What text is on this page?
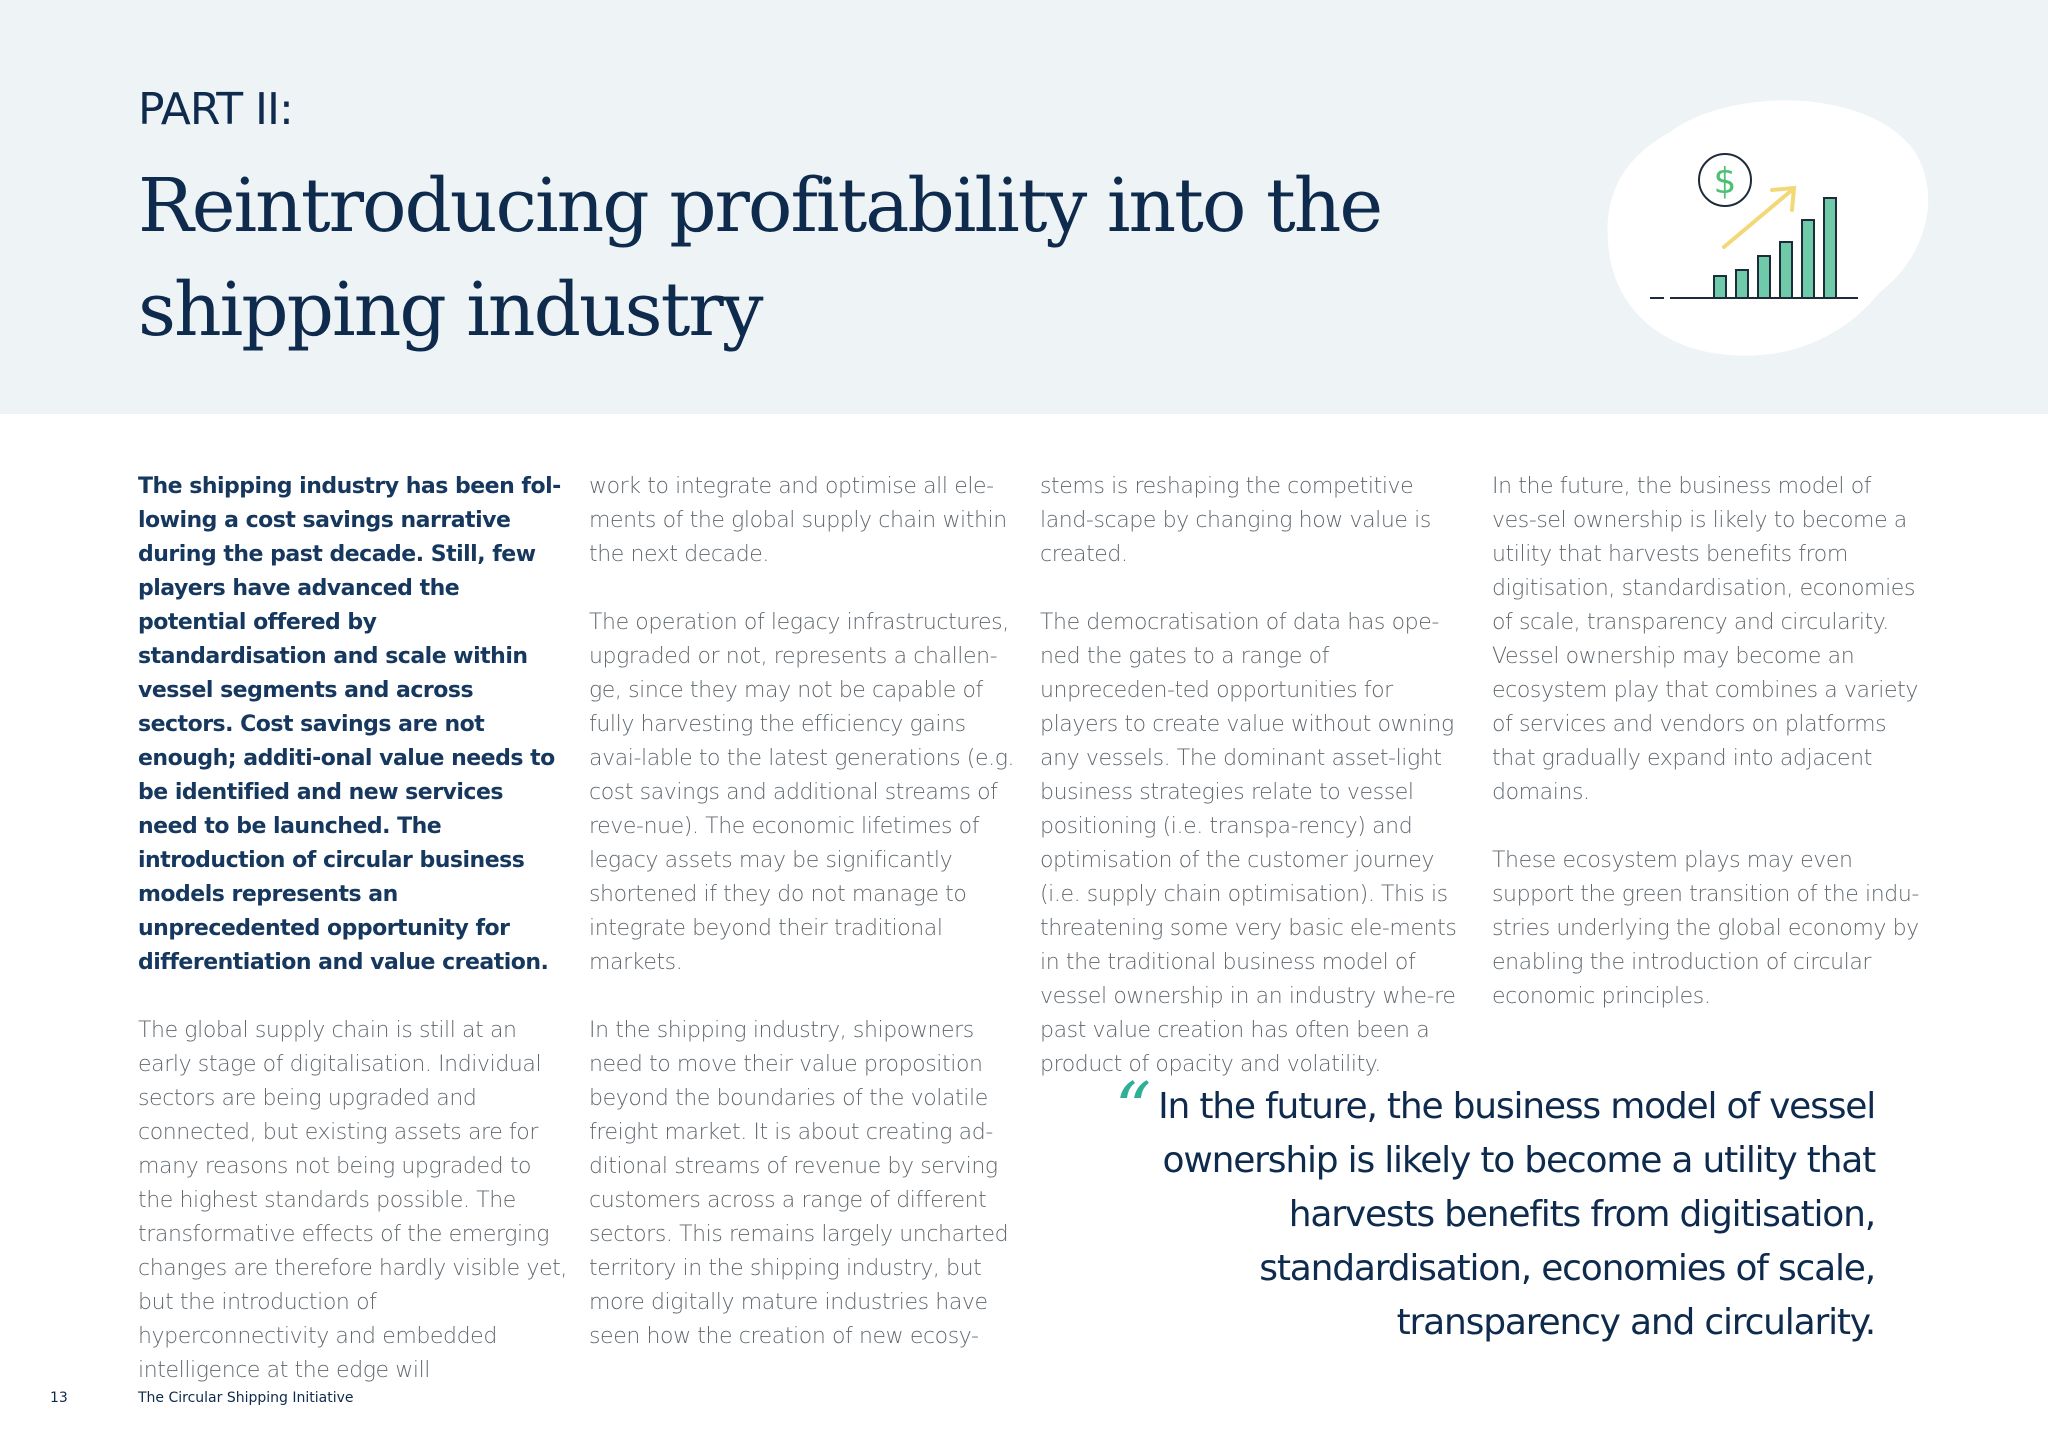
PART II:
Reintroducing profitability into the
shipping industry
$

The shipping industry has been fol-lowing a cost savings narrative during the past decade. Still, few players have advanced the potential offered by standardisation and scale within vessel segments and across sectors. Cost savings are not enough; additi-onal value needs to be identified and new services need to be launched. The introduction of circular business models represents an unprecedented opportunity for differentiation and value creation.

The global supply chain is still at an early stage of digitalisation. Individual sectors are being upgraded and connected, but existing assets are for many reasons not being upgraded to the highest standards possible. The transformative effects of the emerging changes are therefore hardly visible yet, but the introduction of hyperconnectivity and embedded intelligence at the edge will

work to integrate and optimise all ele-ments of the global supply chain within the next decade.

The operation of legacy infrastructures, upgraded or not, represents a challen-ge, since they may not be capable of fully harvesting the efficiency gains avai-lable to the latest generations (e.g. cost savings and additional streams of reve-nue). The economic lifetimes of legacy assets may be significantly shortened if they do not manage to integrate beyond their traditional markets.

In the shipping industry, shipowners need to move their value proposition beyond the boundaries of the volatile freight market. It is about creating ad-ditional streams of revenue by serving customers across a range of different sectors. This remains largely uncharted territory in the shipping industry, but more digitally mature industries have seen how the creation of new ecosy-

stems is reshaping the competitive land-scape by changing how value is created.

The democratisation of data has ope-ned the gates to a range of unpreceden-ted opportunities for players to create value without owning any vessels. The dominant asset-light business strategies relate to vessel positioning (i.e. transpa-rency) and optimisation of the customer journey (i.e. supply chain optimisation). This is threatening some very basic ele-ments in the traditional business model of vessel ownership in an industry whe-re past value creation has often been a product of opacity and volatility.

In the future, the business model of ves-sel ownership is likely to become a utility that harvests benefits from digitisation, standardisation, economies of scale, transparency and circularity. Vessel ownership may become an ecosystem play that combines a variety of services and vendors on platforms that gradually expand into adjacent domains.

These ecosystem plays may even support the green transition of the indu-stries underlying the global economy by enabling the introduction of circular economic principles.

“ In the future, the business model of vessel ownership is likely to become a utility that harvests benefits from digitisation, standardisation, economies of scale, transparency and circularity.
13	The Circular Shipping Initiative
